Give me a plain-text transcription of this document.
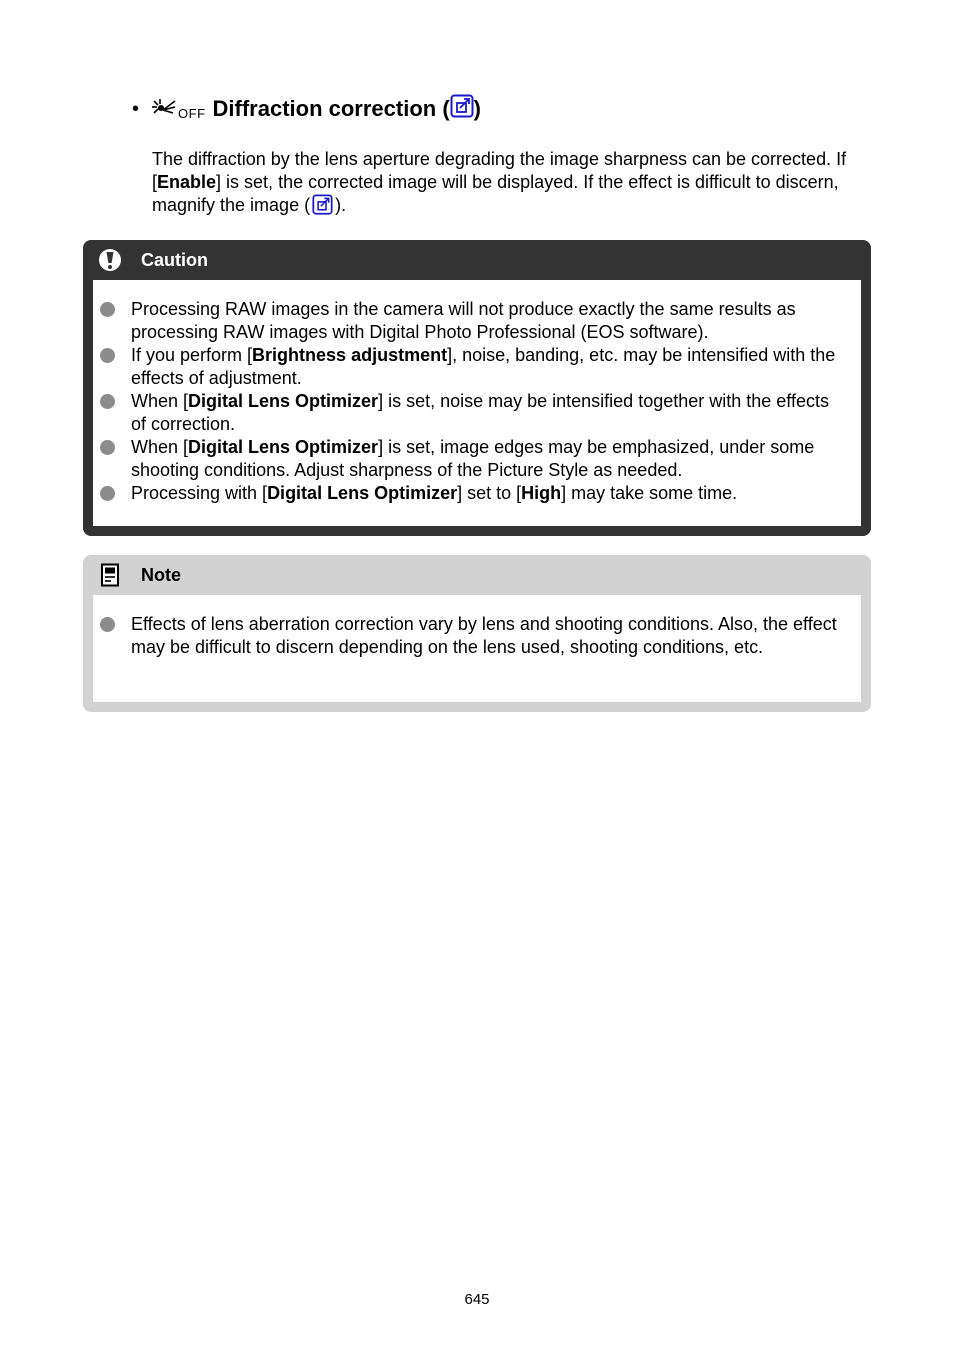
•	OFF Diffraction correction ( )
The diffraction by the lens aperture degrading the image sharpness can be corrected. If [Enable] is set, the corrected image will be displayed. If the effect is difficult to discern, magnify the image ( ).
Caution
Processing RAW images in the camera will not produce exactly the same results as processing RAW images with Digital Photo Professional (EOS software).
If you perform [Brightness adjustment], noise, banding, etc. may be intensified with the effects of adjustment.
When [Digital Lens Optimizer] is set, noise may be intensified together with the effects of correction.
When [Digital Lens Optimizer] is set, image edges may be emphasized, under some shooting conditions. Adjust sharpness of the Picture Style as needed.
Processing with [Digital Lens Optimizer] set to [High] may take some time.
Note
Effects of lens aberration correction vary by lens and shooting conditions. Also, the effect may be difficult to discern depending on the lens used, shooting conditions, etc.
645
